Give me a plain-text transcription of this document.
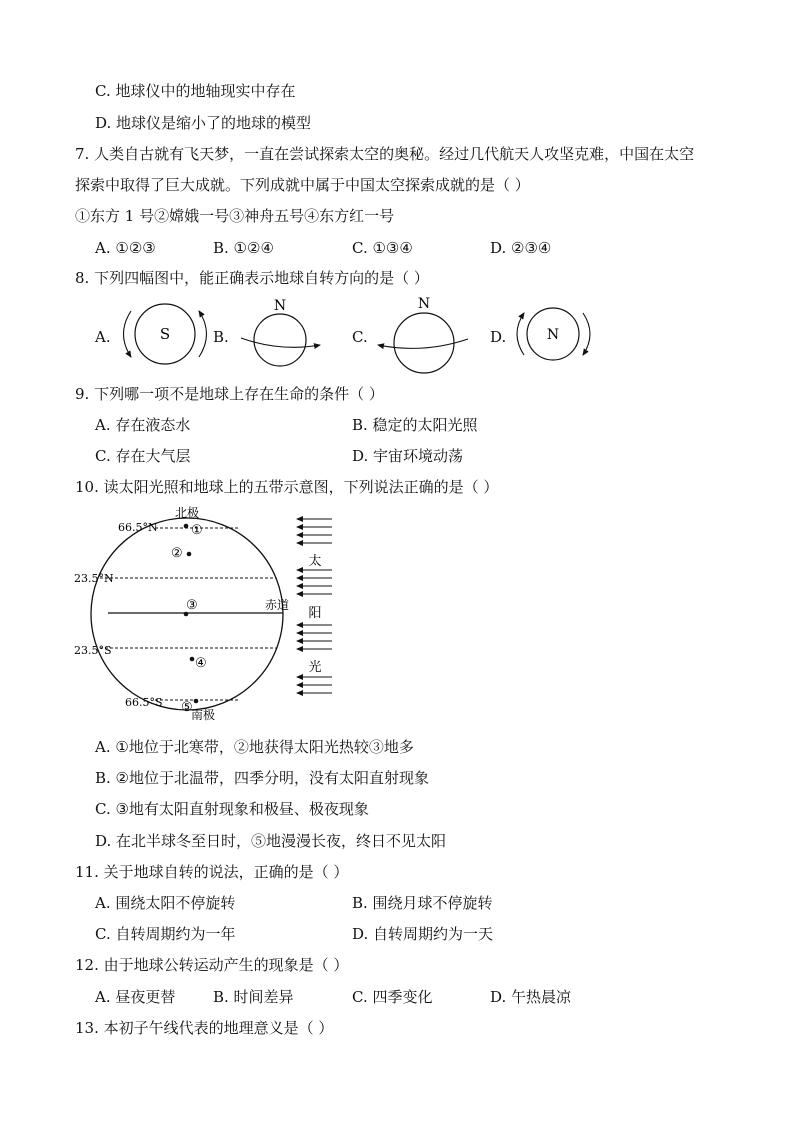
C. 地球仪中的地轴现实中存在
D. 地球仪是缩小了的地球的模型
7. 人类自古就有飞天梦，一直在尝试探索太空的奥秘。经过几代航天人攻坚克难，中国在太空
探索中取得了巨大成就。下列成就中属于中国太空探索成就的是（ ）
①东方 1 号②嫦娥一号③神舟五号④东方红一号
A. ①②③	B. ①②④	C. ①③④	D. ②③④
8. 下列四幅图中，能正确表示地球自转方向的是（ ）
A.	B.	C.	D.
S
N	N
N
9. 下列哪一项不是地球上存在生命的条件（ ）
A. 存在液态水	B. 稳定的太阳光照
C. 存在大气层	D. 宇宙环境动荡
10. 读太阳光照和地球上的五带示意图，下列说法正确的是（ ）
66.5°N
23.5°N
23.5°S
66.5°S
北极
南极
赤道
①
②
③
④
⑤
太
阳
光
A. ①地位于北寒带，②地获得太阳光热较③地多
B. ②地位于北温带，四季分明，没有太阳直射现象
C. ③地有太阳直射现象和极昼、极夜现象
D. 在北半球冬至日时，⑤地漫漫长夜，终日不见太阳
11. 关于地球自转的说法，正确的是（ ）
A. 围绕太阳不停旋转	B. 围绕月球不停旋转
C. 自转周期约为一年	D. 自转周期约为一天
12. 由于地球公转运动产生的现象是（ ）
A. 昼夜更替	B. 时间差异	C. 四季变化	D. 午热晨凉
13. 本初子午线代表的地理意义是（ ）
